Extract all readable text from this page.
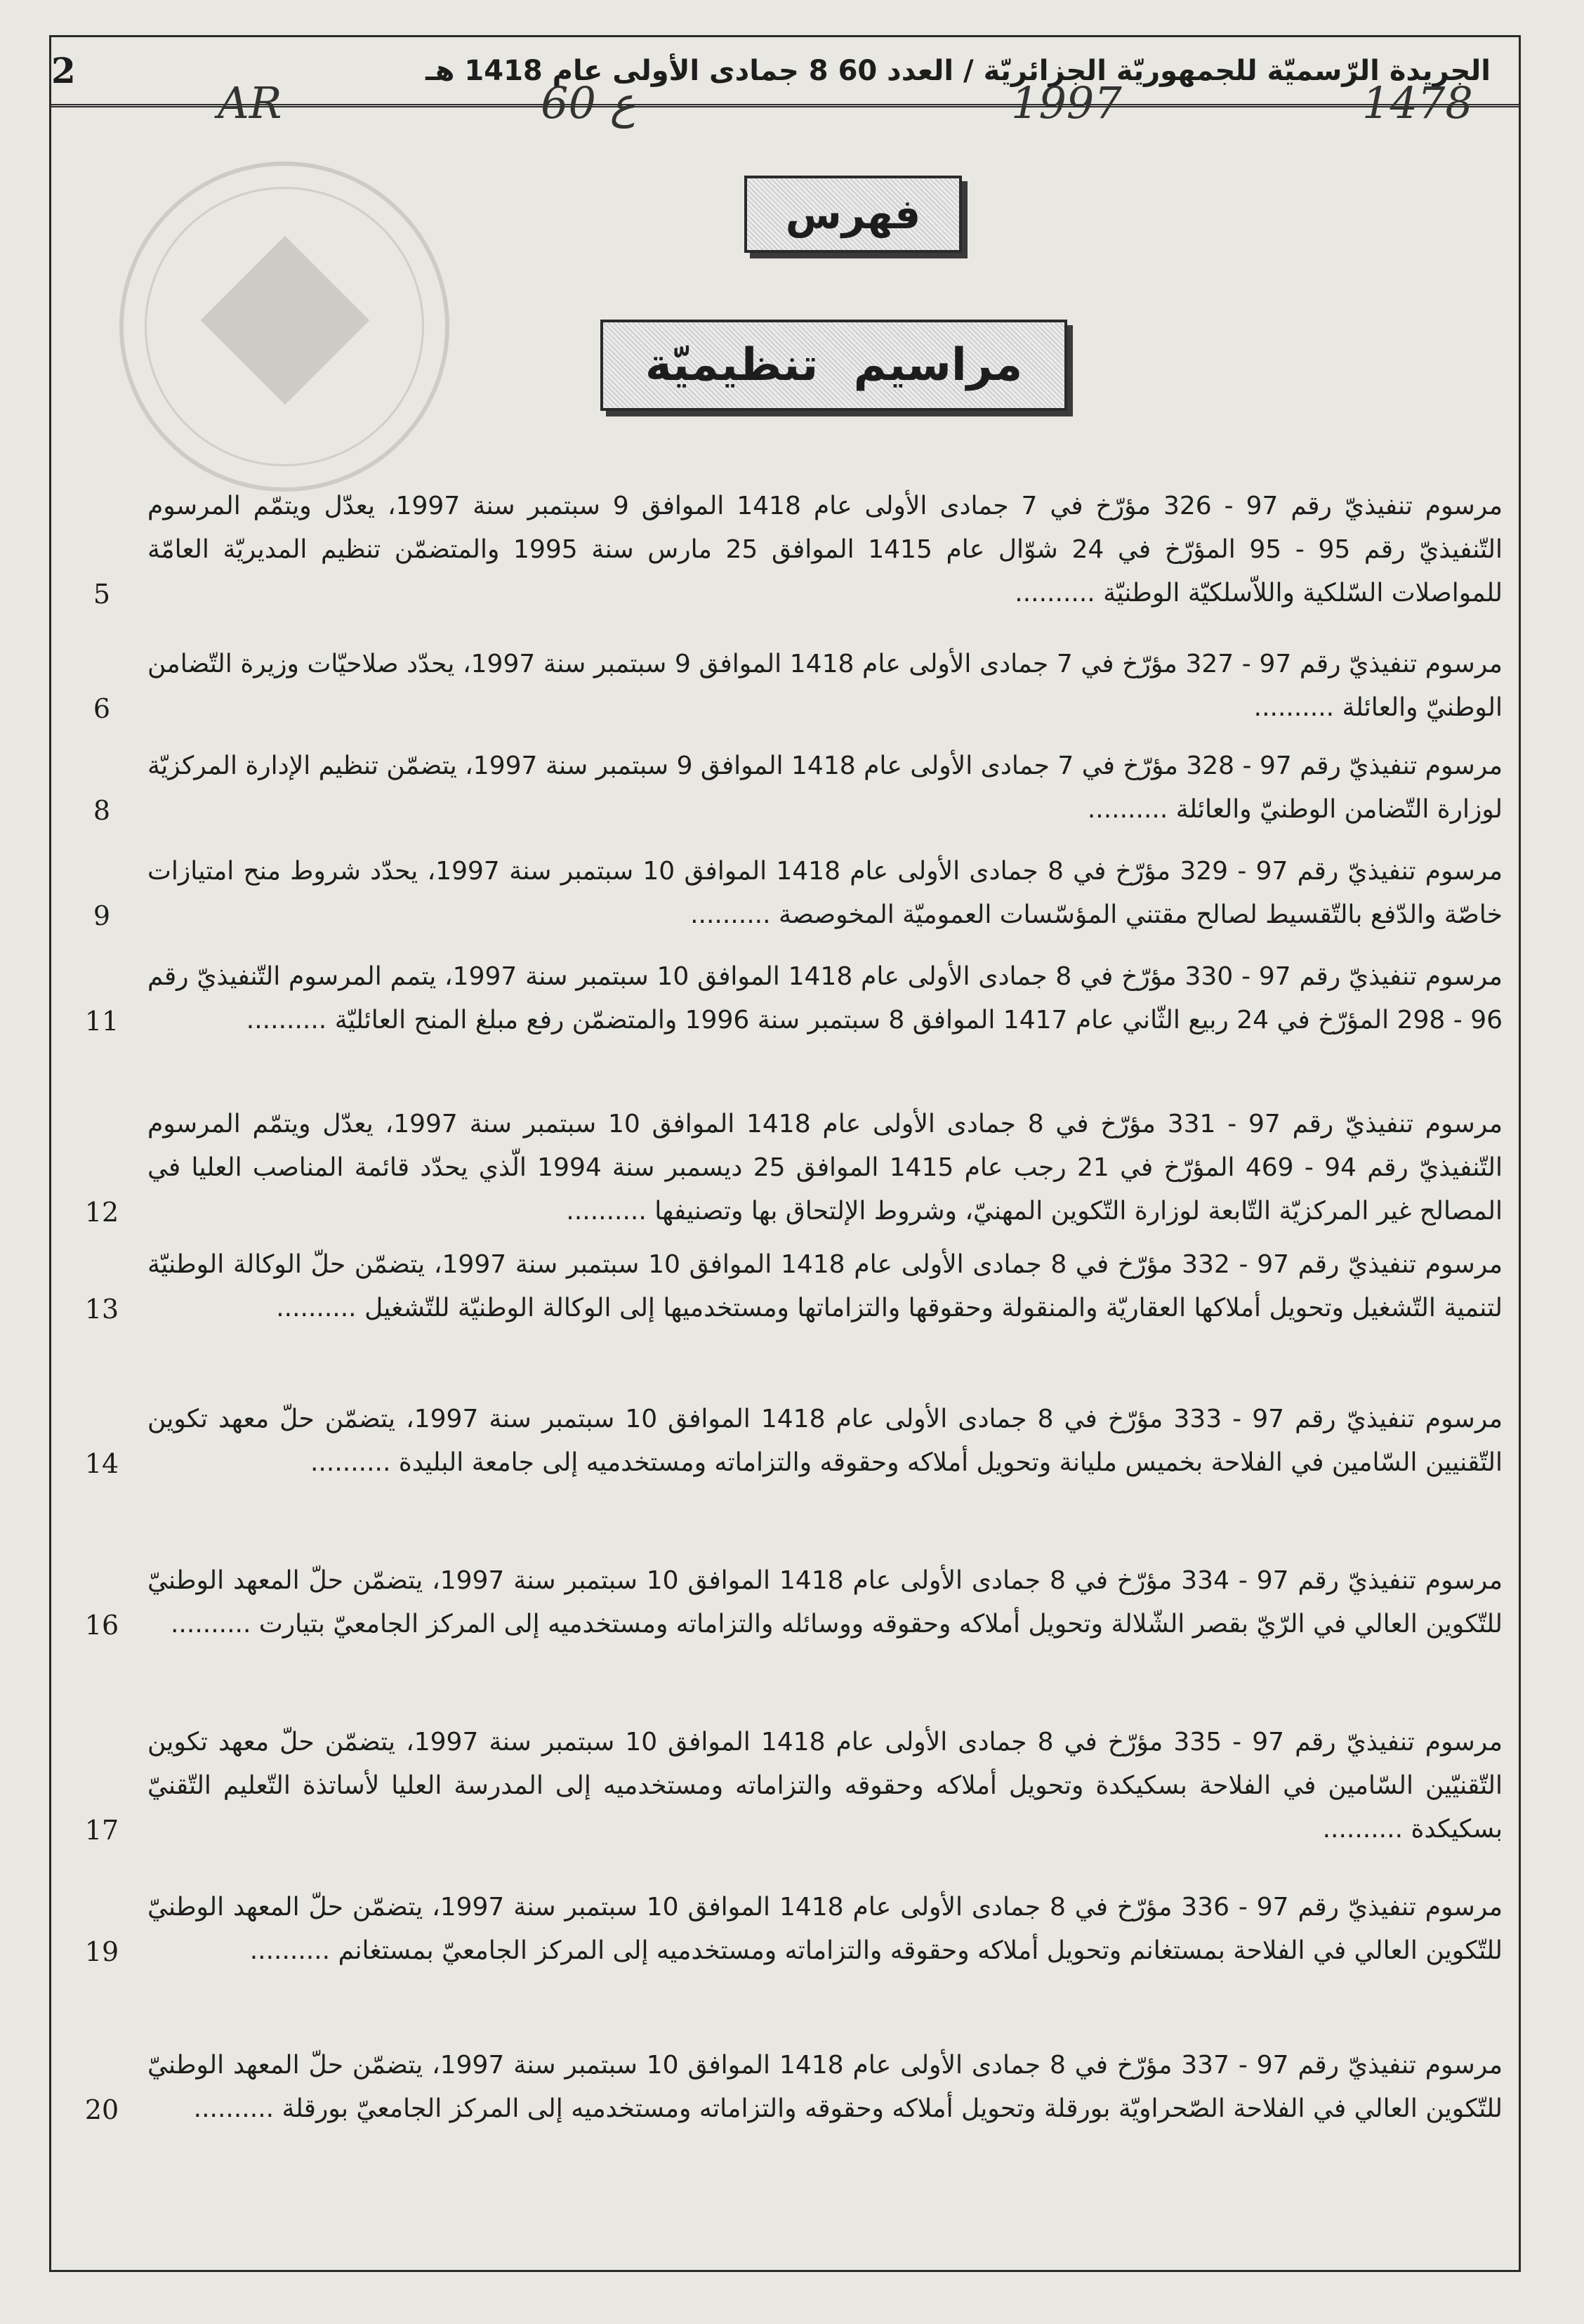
2	الجريدة الرّسميّة للجمهوريّة الجزائريّة / العدد 60 8 جمادى الأولى عام 1418 هـ
AR	60 ع	1997	1478
فهرس
مراسيم تنظيميّة
5
مرسوم تنفيذيّ رقم 97 - 326 مؤرّخ في 7 جمادى الأولى عام 1418 الموافق 9 سبتمبر سنة 1997، يعدّل ويتمّم المرسوم التّنفيذيّ رقم 95 - 95 المؤرّخ في 24 شوّال عام 1415 الموافق 25 مارس سنة 1995 والمتضمّن تنظيم المديريّة العامّة للمواصلات السّلكية واللاّسلكيّة الوطنيّة ..........
6
مرسوم تنفيذيّ رقم 97 - 327 مؤرّخ في 7 جمادى الأولى عام 1418 الموافق 9 سبتمبر سنة 1997، يحدّد صلاحيّات وزيرة التّضامن الوطنيّ والعائلة ..........
8
مرسوم تنفيذيّ رقم 97 - 328 مؤرّخ في 7 جمادى الأولى عام 1418 الموافق 9 سبتمبر سنة 1997، يتضمّن تنظيم الإدارة المركزيّة لوزارة التّضامن الوطنيّ والعائلة ..........
9
مرسوم تنفيذيّ رقم 97 - 329 مؤرّخ في 8 جمادى الأولى عام 1418 الموافق 10 سبتمبر سنة 1997، يحدّد شروط منح امتيازات خاصّة والدّفع بالتّقسيط لصالح مقتني المؤسّسات العموميّة المخوصصة ..........
11
مرسوم تنفيذيّ رقم 97 - 330 مؤرّخ في 8 جمادى الأولى عام 1418 الموافق 10 سبتمبر سنة 1997، يتمم المرسوم التّنفيذيّ رقم 96 - 298 المؤرّخ في 24 ربيع الثّاني عام 1417 الموافق 8 سبتمبر سنة 1996 والمتضمّن رفع مبلغ المنح العائليّة ..........
12
مرسوم تنفيذيّ رقم 97 - 331 مؤرّخ في 8 جمادى الأولى عام 1418 الموافق 10 سبتمبر سنة 1997، يعدّل ويتمّم المرسوم التّنفيذيّ رقم 94 - 469 المؤرّخ في 21 رجب عام 1415 الموافق 25 ديسمبر سنة 1994 الّذي يحدّد قائمة المناصب العليا في المصالح غير المركزيّة التّابعة لوزارة التّكوين المهنيّ، وشروط الإلتحاق بها وتصنيفها ..........
13
مرسوم تنفيذيّ رقم 97 - 332 مؤرّخ في 8 جمادى الأولى عام 1418 الموافق 10 سبتمبر سنة 1997، يتضمّن حلّ الوكالة الوطنيّة لتنمية التّشغيل وتحويل أملاكها العقاريّة والمنقولة وحقوقها والتزاماتها ومستخدميها إلى الوكالة الوطنيّة للتّشغيل ..........
14
مرسوم تنفيذيّ رقم 97 - 333 مؤرّخ في 8 جمادى الأولى عام 1418 الموافق 10 سبتمبر سنة 1997، يتضمّن حلّ معهد تكوين التّقنيين السّامين في الفلاحة بخميس مليانة وتحويل أملاكه وحقوقه والتزاماته ومستخدميه إلى جامعة البليدة ..........
16
مرسوم تنفيذيّ رقم 97 - 334 مؤرّخ في 8 جمادى الأولى عام 1418 الموافق 10 سبتمبر سنة 1997، يتضمّن حلّ المعهد الوطنيّ للتّكوين العالي في الرّيّ بقصر الشّلالة وتحويل أملاكه وحقوقه ووسائله والتزاماته ومستخدميه إلى المركز الجامعيّ بتيارت ..........
17
مرسوم تنفيذيّ رقم 97 - 335 مؤرّخ في 8 جمادى الأولى عام 1418 الموافق 10 سبتمبر سنة 1997، يتضمّن حلّ معهد تكوين التّقنيّين السّامين في الفلاحة بسكيكدة وتحويل أملاكه وحقوقه والتزاماته ومستخدميه إلى المدرسة العليا لأساتذة التّعليم التّقنيّ بسكيكدة ..........
19
مرسوم تنفيذيّ رقم 97 - 336 مؤرّخ في 8 جمادى الأولى عام 1418 الموافق 10 سبتمبر سنة 1997، يتضمّن حلّ المعهد الوطنيّ للتّكوين العالي في الفلاحة بمستغانم وتحويل أملاكه وحقوقه والتزاماته ومستخدميه إلى المركز الجامعيّ بمستغانم ..........
20
مرسوم تنفيذيّ رقم 97 - 337 مؤرّخ في 8 جمادى الأولى عام 1418 الموافق 10 سبتمبر سنة 1997، يتضمّن حلّ المعهد الوطنيّ للتّكوين العالي في الفلاحة الصّحراويّة بورقلة وتحويل أملاكه وحقوقه والتزاماته ومستخدميه إلى المركز الجامعيّ بورقلة ..........
